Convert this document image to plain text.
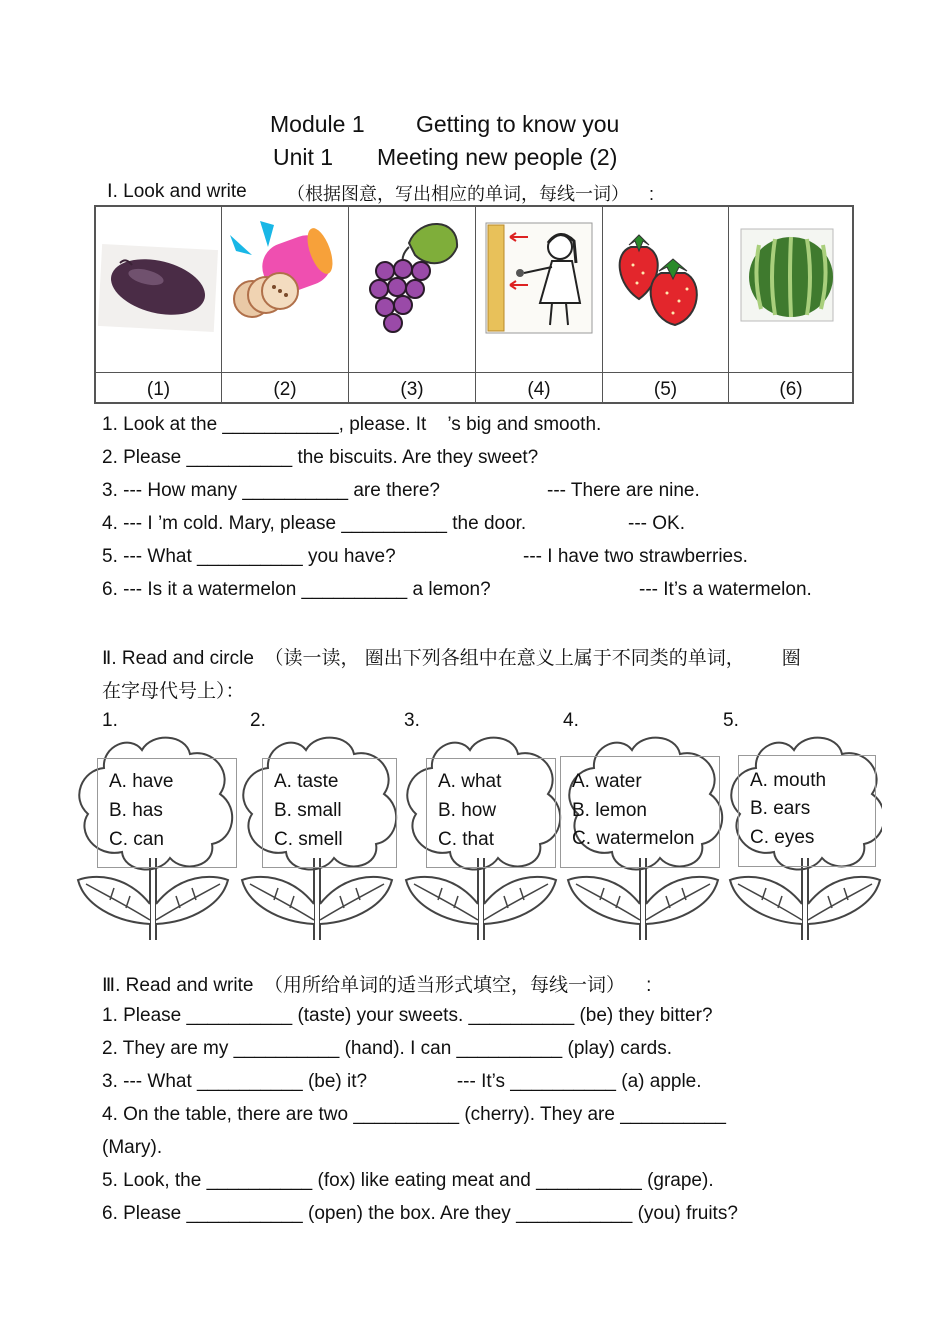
Module 1 Getting to know you
Unit 1 Meeting new people (2)
Ⅰ. Look and write （根据图意，写出相应的单词，每线一词）    :
(1)	(2)	(3)	(4)	(5)	(6)
1. Look at the ___________, please. It    ’s big and smooth.
2. Please __________ the biscuits. Are they sweet?
3. --- How many __________ are there?	--- There are nine.
4. --- I ’m cold. Mary, please __________ the door.	--- OK.
5. --- What __________ you have?	--- I have two strawberries.
6. --- Is it a watermelon __________ a lemon?	--- It’s a watermelon.
Ⅱ. Read and circle  （读一读， 圈出下列各组中在意义上属于不同类的单词，       圈
在字母代号上）：
1.	2.	3.	4.	5.
A. have
B. has
C. can
A. taste
B. small
C. smell
A. what
B. how
C. that
A. water
B. lemon
C. watermelon
A. mouth
B. ears
C. eyes
Ⅲ. Read and write  （用所给单词的适当形式填空，每线一词）    :
1. Please __________ (taste) your sweets. __________ (be) they bitter?
2. They are my __________ (hand). I can __________ (play) cards.
3. --- What __________ (be) it?                 --- It’s __________ (a) apple.
4. On the table, there are two __________ (cherry). They are __________
(Mary).
5. Look, the __________ (fox) like eating meat and __________ (grape).
6. Please ___________ (open) the box. Are they ___________ (you) fruits?
